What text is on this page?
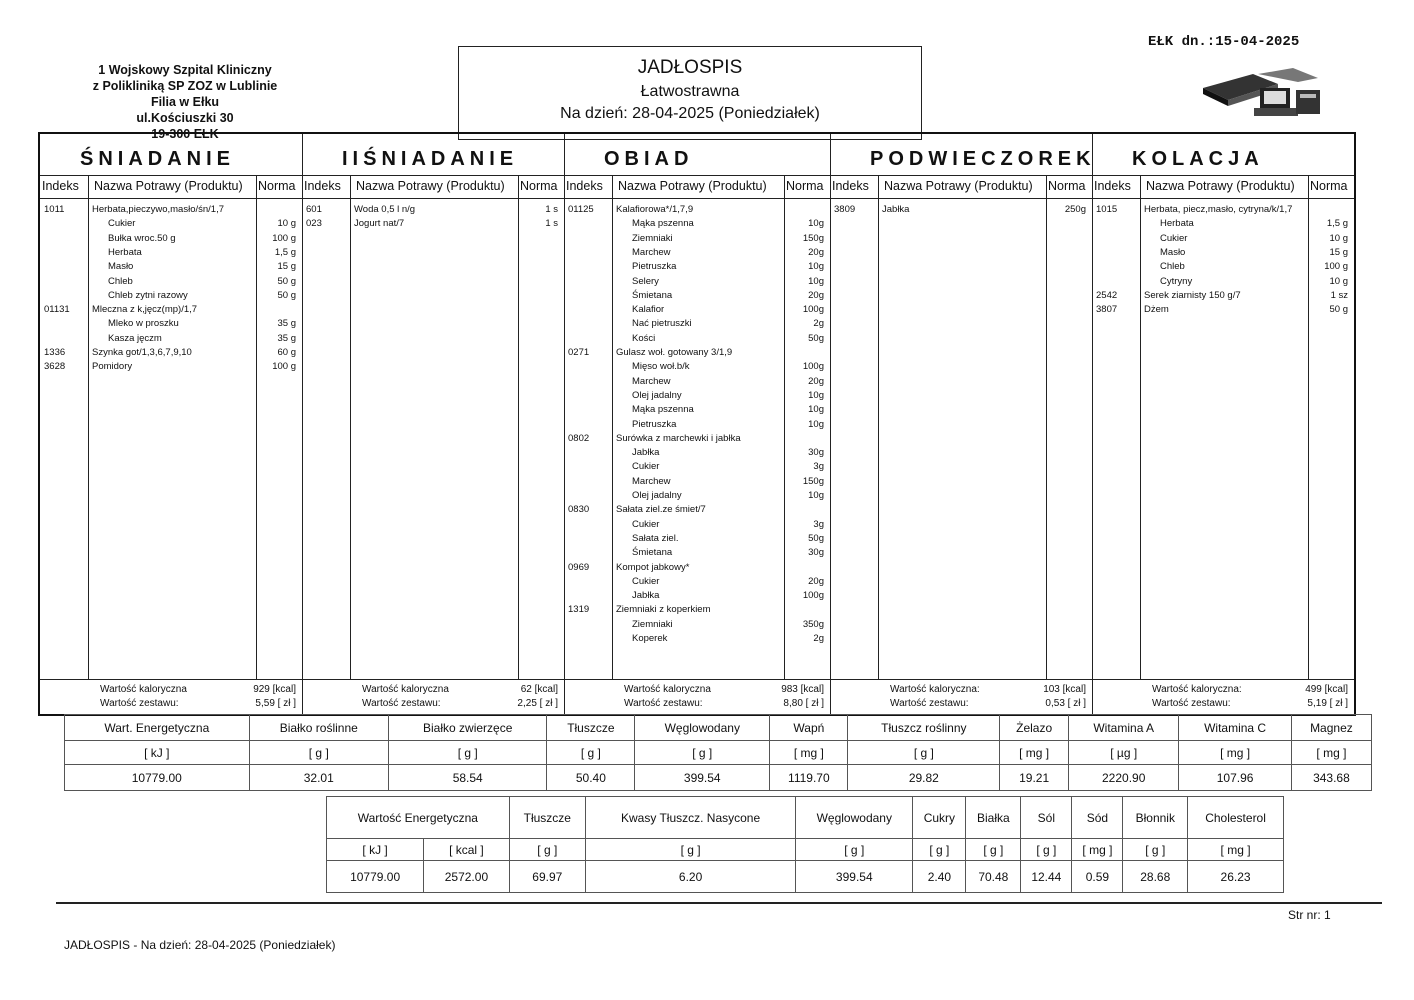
1 Wojskowy Szpital Kliniczny
z Polikliniką SP ZOZ w Lublinie
Filia w Ełku
ul.Kościuszki 30
19-300 EŁK
JADŁOSPIS
Łatwostrawna
Na dzień: 28-04-2025 (Poniedziałek)
EŁK dn.:15-04-2025
ŚNIADANIE
Indeks Nazwa Potrawy (Produktu) Norma
1011	Herbata,pieczywo,masło/śn/1,7
Cukier	10 g
Bułka wroc.50 g	100 g
Herbata	1,5 g
Masło	15 g
Chleb	50 g
Chleb zytni razowy	50 g
01131 Mleczna z k,jęcz(mp)/1,7
Mleko w proszku	35 g
Kasza jęczm	35 g
1336	Szynka got/1,3,6,7,9,10	60 g
3628	Pomidory	100 g
Wartość kaloryczna	929 [kcal]
Wartość zestawu:	5,59 [ zł ]
IIŚNIADANIE
Indeks Nazwa Potrawy (Produktu) Norma
601	Woda 0,5 l n/g	1 s
023	Jogurt nat/7	1 s
Wartość kaloryczna	62 [kcal]
Wartość zestawu:	2,25 [ zł ]
OBIAD
Indeks Nazwa Potrawy (Produktu) Norma
01125 Kalafiorowa*/1,7,9
Mąka pszenna	10g
Ziemniaki	150g
Marchew	20g
Pietruszka	10g
Selery	10g
Śmietana	20g
Kalafior	100g
Nać pietruszki	2g
Kości	50g
0271	Gulasz woł. gotowany 3/1,9
Mięso woł.b/k	100g
Marchew	20g
Olej jadalny	10g
Mąka pszenna	10g
Pietruszka	10g
0802	Surówka z marchewki i jabłka
Jabłka	30g
Cukier	3g
Marchew	150g
Olej jadalny	10g
0830	Sałata ziel.ze śmiet/7
Cukier	3g
Sałata ziel.	50g
Śmietana	30g
0969	Kompot jabkowy*
Cukier	20g
Jabłka	100g
1319	Ziemniaki z koperkiem
Ziemniaki	350g
Koperek	2g
Wartość kaloryczna	983 [kcal]
Wartość zestawu:	8,80 [ zł ]
PODWIECZOREK
Indeks Nazwa Potrawy (Produktu) Norma
3809	Jabłka	250g
Wartość kaloryczna:	103 [kcal]
Wartość zestawu:	0,53 [ zł ]
KOLACJA
Indeks Nazwa Potrawy (Produktu) Norma
1015	Herbata, piecz,masło, cytryna/k/1,7
Herbata	1,5 g
Cukier	10 g
Masło	15 g
Chleb	100 g
Cytryny	10 g
2542	Serek ziarnisty 150 g/7	1 sz
3807	Dżem	50 g
Wartość kaloryczna:	499 [kcal]
Wartość zestawu:	5,19 [ zł ]
Wart. Energetyczna	Białko roślinne	Białko zwierzęce	Tłuszcze	Węglowodany	Wapń	Tłuszcz roślinny	Żelazo	Witamina A	Witamina C	Magnez
[ kJ ]	[ g ]	[ g ]	[ g ]	[ g ]	[ mg ]	[ g ]	[ mg ]	[ µg ]	[ mg ]	[ mg ]
10779.00	32.01	58.54	50.40	399.54	1119.70	29.82	19.21	2220.90	107.96	343.68
Wartość Energetyczna		Tłuszcze	Kwasy Tłuszcz. Nasycone	Węglowodany	Cukry	Białka	Sól	Sód	Błonnik	Cholesterol
[ kJ ]	[ kcal ]	[ g ]	[ g ]	[ g ]	[ g ]	[ g ]	[ g ]	[ mg ]	[ g ]	[ mg ]
10779.00	2572.00	69.97	6.20	399.54	2.40	70.48	12.44	0.59	28.68	26.23
Str nr: 1
JADŁOSPIS - Na dzień: 28-04-2025 (Poniedziałek)
